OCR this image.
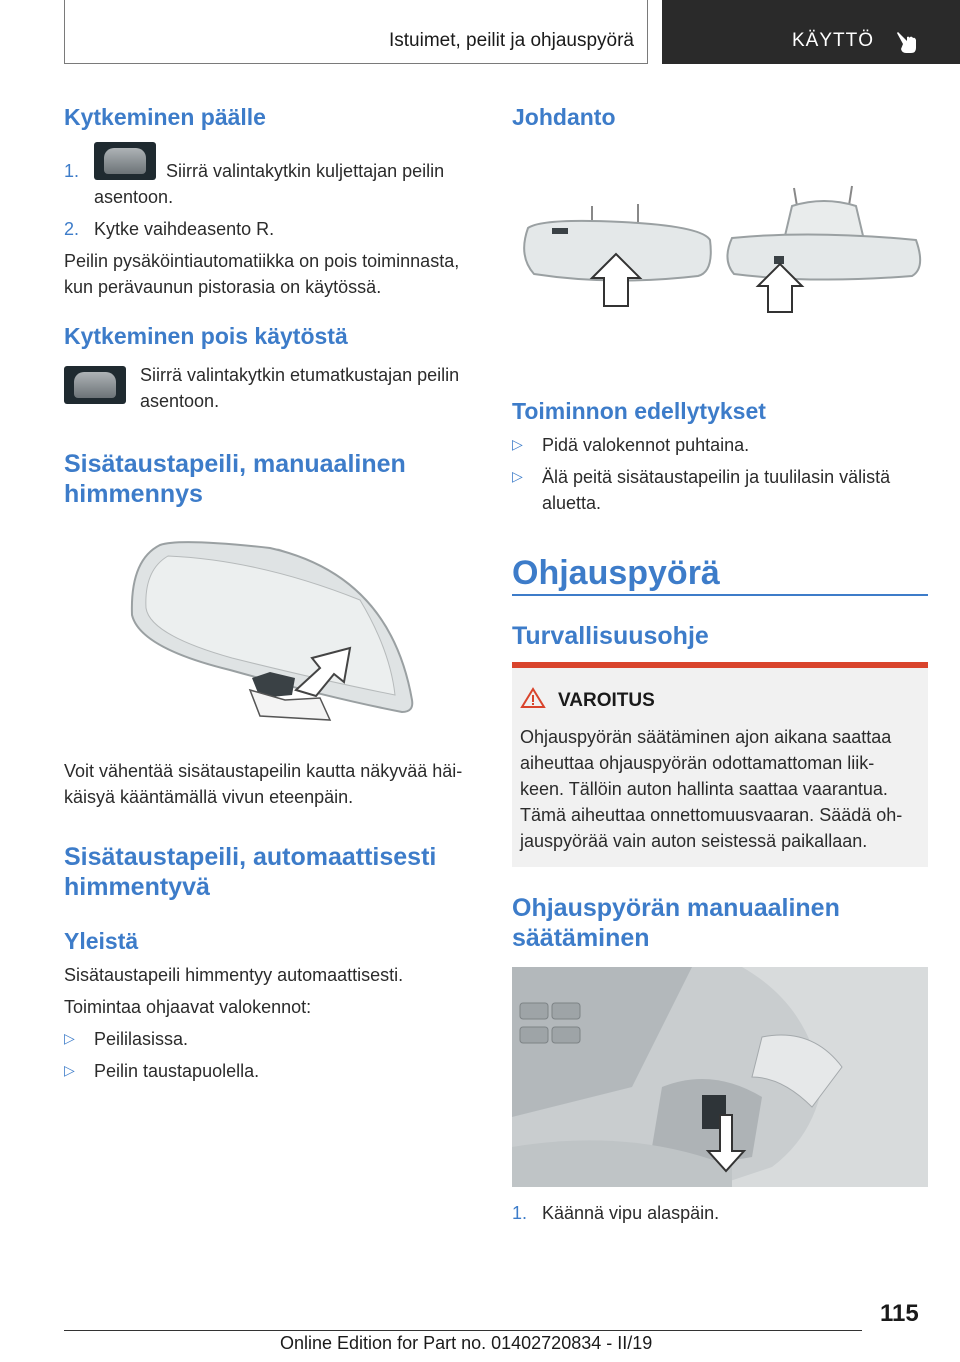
Istuimet, peilit ja ohjauspyörä	KÄYTTÖ
Kytkeminen päälle
1.	Siirrä valintakytkin kuljettajan peilin
asentoon.
2. Kytke vaihdeasento R.
Peilin pysäköintiautomatiikka on pois toiminnasta,
kun perävaunun pistorasia on käytössä.
Kytkeminen pois käytöstä
Siirrä valintakytkin etumatkustajan peilin
asentoon.
Sisätaustapeili, manuaalinen
himmennys
Voit vähentää sisätaustapeilin kautta näkyvää häi‐
käisyä kääntämällä vivun eteenpäin.
Sisätaustapeili, automaattisesti
himmentyvä
Yleistä
Sisätaustapeili himmentyy automaattisesti.
Toimintaa ohjaavat valokennot:
▷ Peililasissa.
▷ Peilin taustapuolella.
Johdanto
Toiminnon edellytykset
▷ Pidä valokennot puhtaina.
▷ Älä peitä sisätaustapeilin ja tuulilasin välistä
aluetta.
Ohjauspyörä
Turvallisuusohje
VAROITUS
Ohjauspyörän säätäminen ajon aikana saattaa
aiheuttaa ohjauspyörän odottamattoman liik‐
keen. Tällöin auton hallinta saattaa vaarantua.
Tämä aiheuttaa onnettomuusvaaran. Säädä oh‐
jauspyörää vain auton seistessä paikallaan.
Ohjauspyörän manuaalinen
säätäminen
1. Käännä vipu alaspäin.
115
Online Edition for Part no. 01402720834 - II/19
